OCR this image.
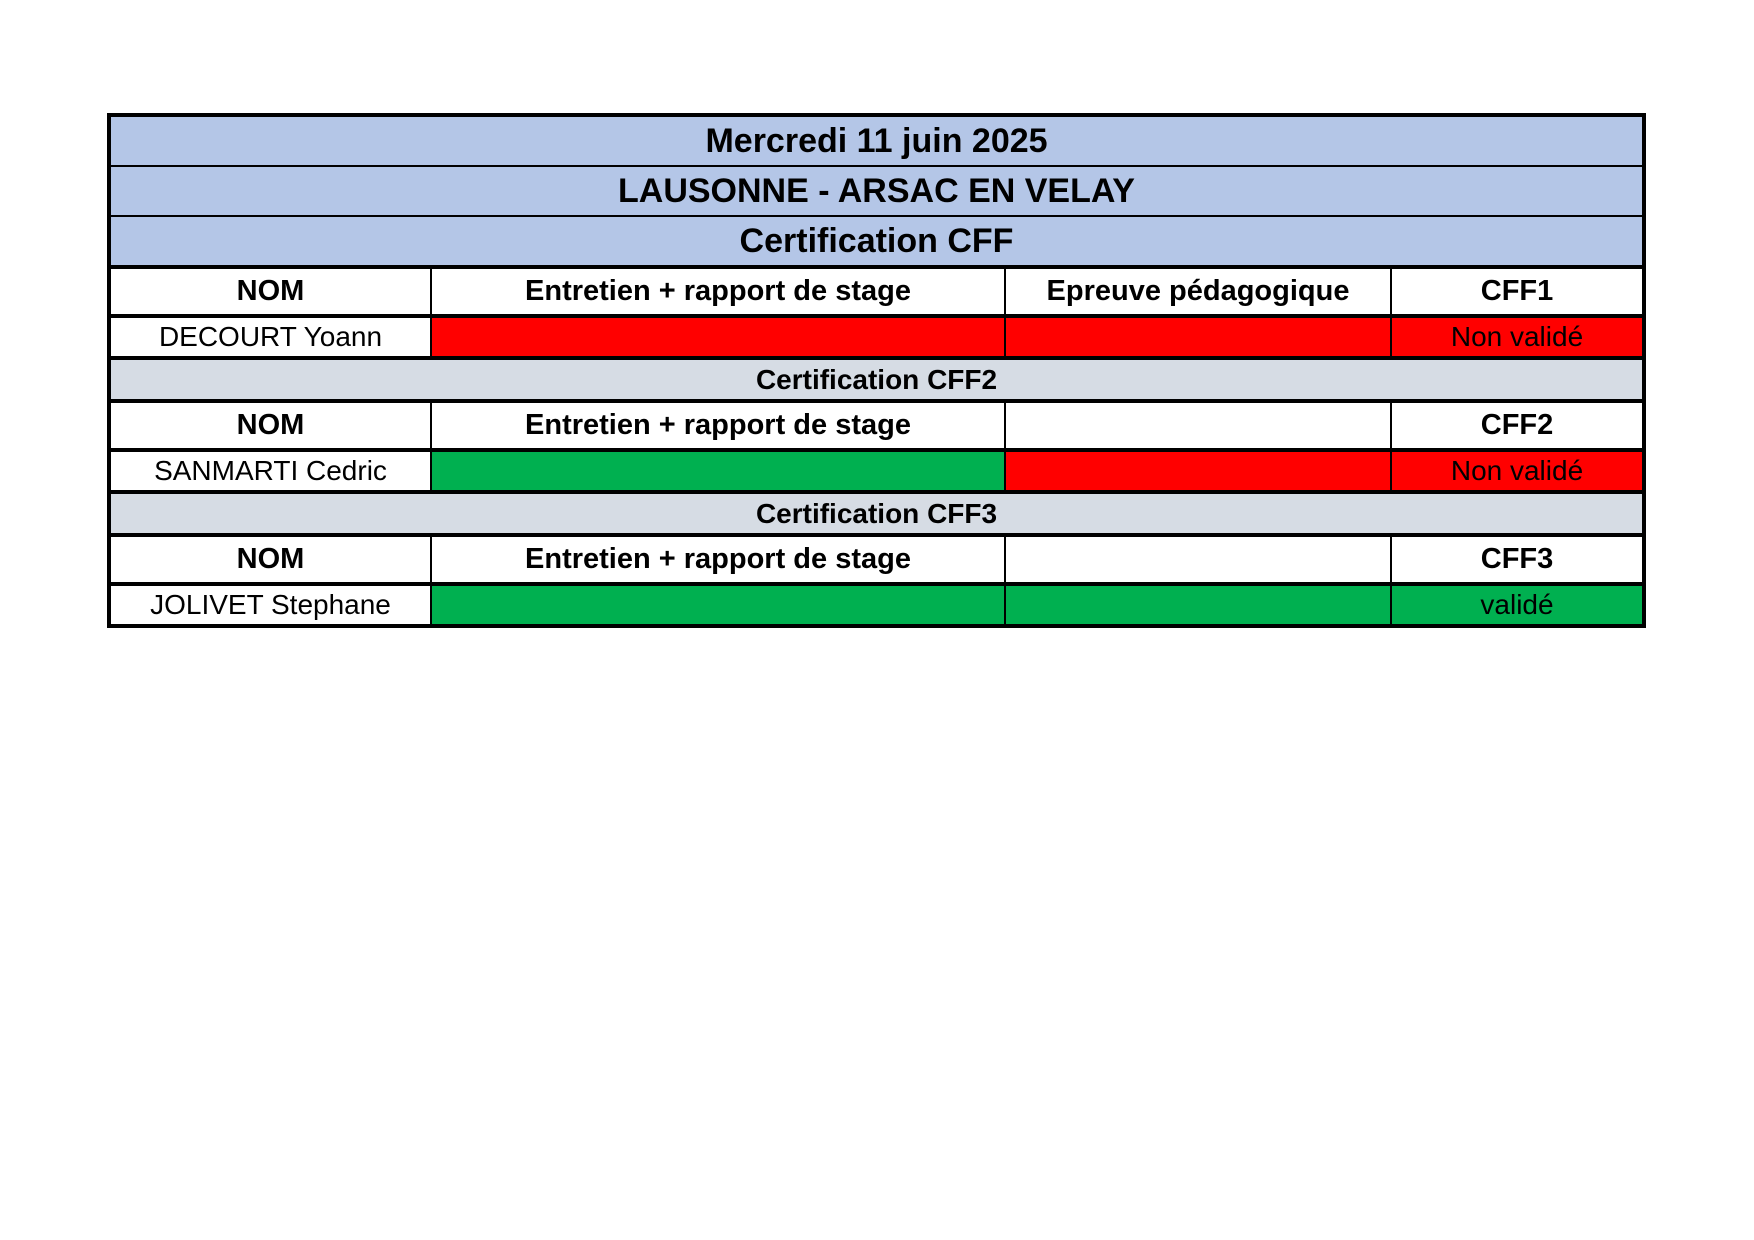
Mercredi 11 juin 2025			
LAUSONNE - ARSAC EN VELAY			
Certification CFF			
NOM	Entretien + rapport de stage	Epreuve pédagogique	CFF1
DECOURT Yoann			Non validé
Certification CFF2			
NOM	Entretien + rapport de stage		CFF2
SANMARTI Cedric			Non validé
Certification CFF3			
NOM	Entretien + rapport de stage		CFF3
JOLIVET Stephane			validé
